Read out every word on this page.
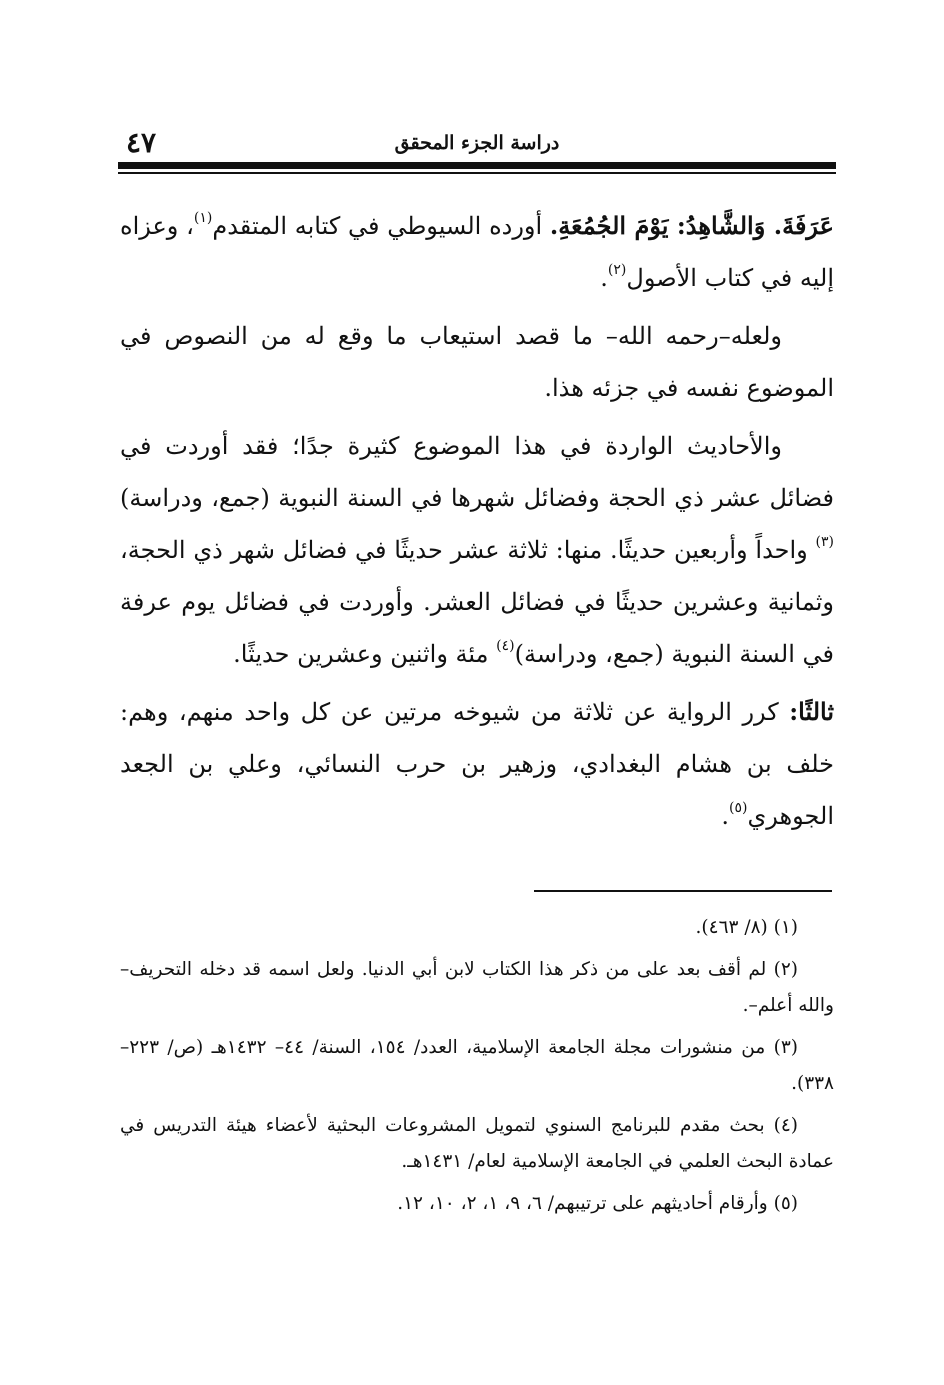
دراسة الجزء المحقق
٤٧

عَرَفَةَ. وَالشَّاهِدُ: يَوْمَ الجُمُعَةِ. أورده السيوطي في كتابه المتقدم$^{(١)}$، وعزاه إليه في كتاب الأصول$^{(٢)}$.

ولعله–رحمه الله– ما قصد استيعاب ما وقع له من النصوص في الموضوع نفسه في جزئه هذا.

والأحاديث الواردة في هذا الموضوع كثيرة جدًا؛ فقد أوردت في فضائل عشر ذي الحجة وفضائل شهرها في السنة النبوية (جمع، ودراسة)$^{(٣)}$ واحداً وأربعين حديثًا. منها: ثلاثة عشر حديثًا في فضائل شهر ذي الحجة، وثمانية وعشرين حديثًا في فضائل العشر. وأوردت في فضائل يوم عرفة في السنة النبوية (جمع، ودراسة)$^{(٤)}$ مئة واثنين وعشرين حديثًا.

ثالثًا: كرر الرواية عن ثلاثة من شيوخه مرتين عن كل واحد منهم، وهم: خلف بن هشام البغدادي، وزهير بن حرب النسائي، وعلي بن الجعد الجوهري$^{(٥)}$.

(١) (٨/ ٤٦٣).

(٢) لم أقف بعد على من ذكر هذا الكتاب لابن أبي الدنيا. ولعل اسمه قد دخله التحريف–والله أعلم–.

(٣) من منشورات مجلة الجامعة الإسلامية، العدد/ ١٥٤، السنة/ ٤٤– ١٤٣٢هـ (ص/ ٢٢٣– ٣٣٨).

(٤) بحث مقدم للبرنامج السنوي لتمويل المشروعات البحثية لأعضاء هيئة التدريس في عمادة البحث العلمي في الجامعة الإسلامية لعام/ ١٤٣١هـ.

(٥) وأرقام أحاديثهم على ترتيبهم/ ٦، ٩، ١، ٢، ١٠، ١٢.
